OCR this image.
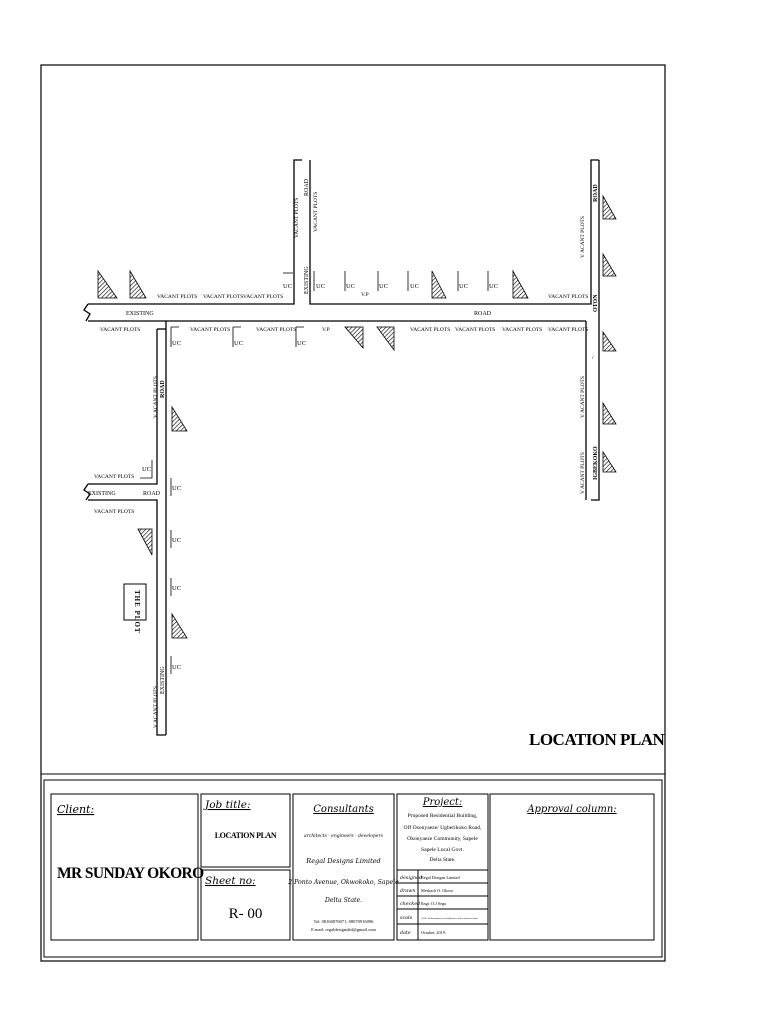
VACANT PLOTS VACANT PLOTS VACANT PLOTS	VACANT PLOTS
VACANT PLOTS	VACANT PLOTS	VACANT PLOTS	VACANT PLOTS VACANT PLOTS VACANT PLOTS VACANT PLOTS
VACANT PLOTS
VACANT PLOTS
V.P
V.P
EXISTING	ROAD
EXISTING	ROAD
UC	UC	UC	UC	UC	UC	UC
UC	UC	UC
UC
UC
UC
UC
UC
VACANT PLOTS VACANT PLOTS
EXISTING
ROAD
V ACANT PLOTS
V ACANT PLOTS
V ACANT PLOTS
ROAD
OTON
IGBEKOKO
/
V ACANT PLOTS
V ACANT PLOTS
ROAD
EXISTING
THE PLOT
LOCATION PLAN
Client:
MR SUNDAY OKORO
Job title:
LOCATION PLAN
Sheet no:
R- 00
Consultants
architects - engineers - developers
Regal Designs Limited
2 Ponto Avenue, Okwokoko, Sapele
Delta State.
Tel: 08160076071, 08070916096
E.mail: regaldesignsltd@gmail.com
Project:
Proposed Residential Building,
Off Osonyaeze/ Ugberikoko Road,
Okonyaeze Community, Sapele
Sapele Local Govt.
Delta State.
designed Regal Designs Limited
drawn Meshach O. Okoro
checked Engr. O.J Sega
scale	1:100 - all dimensions are in millimeters, unless otherwise stated
date October, 2019.
Approval column:
